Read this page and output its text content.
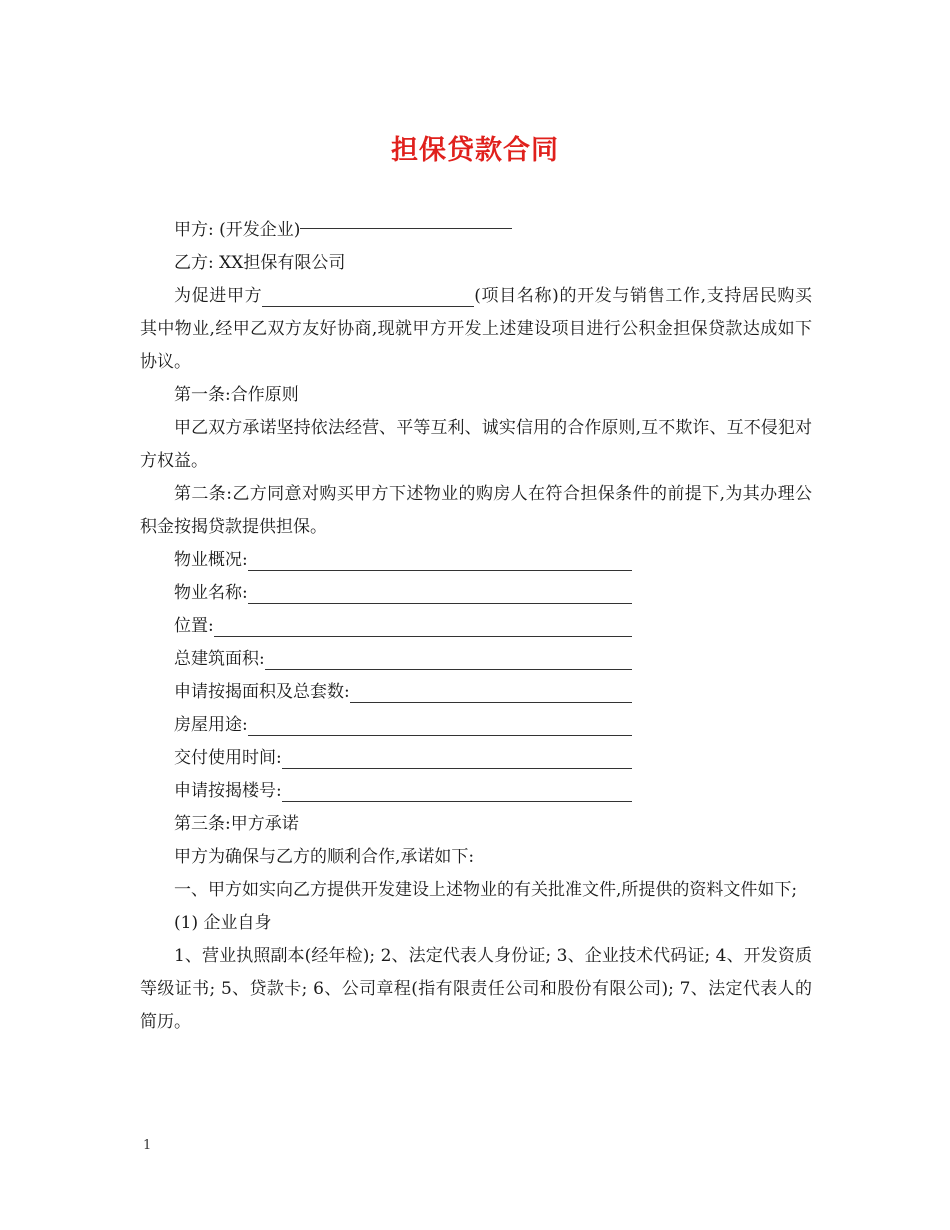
担保贷款合同

甲方: (开发企业)

乙方: XX担保有限公司

为促进甲方	(项目名称)的开发与销售工作,支持居民购买其中物业,经甲乙双方友好协商,现就甲方开发上述建设项目进行公积金担保贷款达成如下协议。

第一条:合作原则

甲乙双方承诺坚持依法经营、平等互利、诚实信用的合作原则,互不欺诈、互不侵犯对方权益。

第二条:乙方同意对购买甲方下述物业的购房人在符合担保条件的前提下,为其办理公积金按揭贷款提供担保。

物业概况:
物业名称:
位置:
总建筑面积:
申请按揭面积及总套数:
房屋用途:
交付使用时间:
申请按揭楼号:

第三条:甲方承诺

甲方为确保与乙方的顺利合作,承诺如下:

一、甲方如实向乙方提供开发建设上述物业的有关批准文件,所提供的资料文件如下;

(1) 企业自身

1、营业执照副本(经年检); 2、法定代表人身份证; 3、企业技术代码证; 4、开发资质等级证书; 5、贷款卡; 6、公司章程(指有限责任公司和股份有限公司); 7、法定代表人的简历。

1
